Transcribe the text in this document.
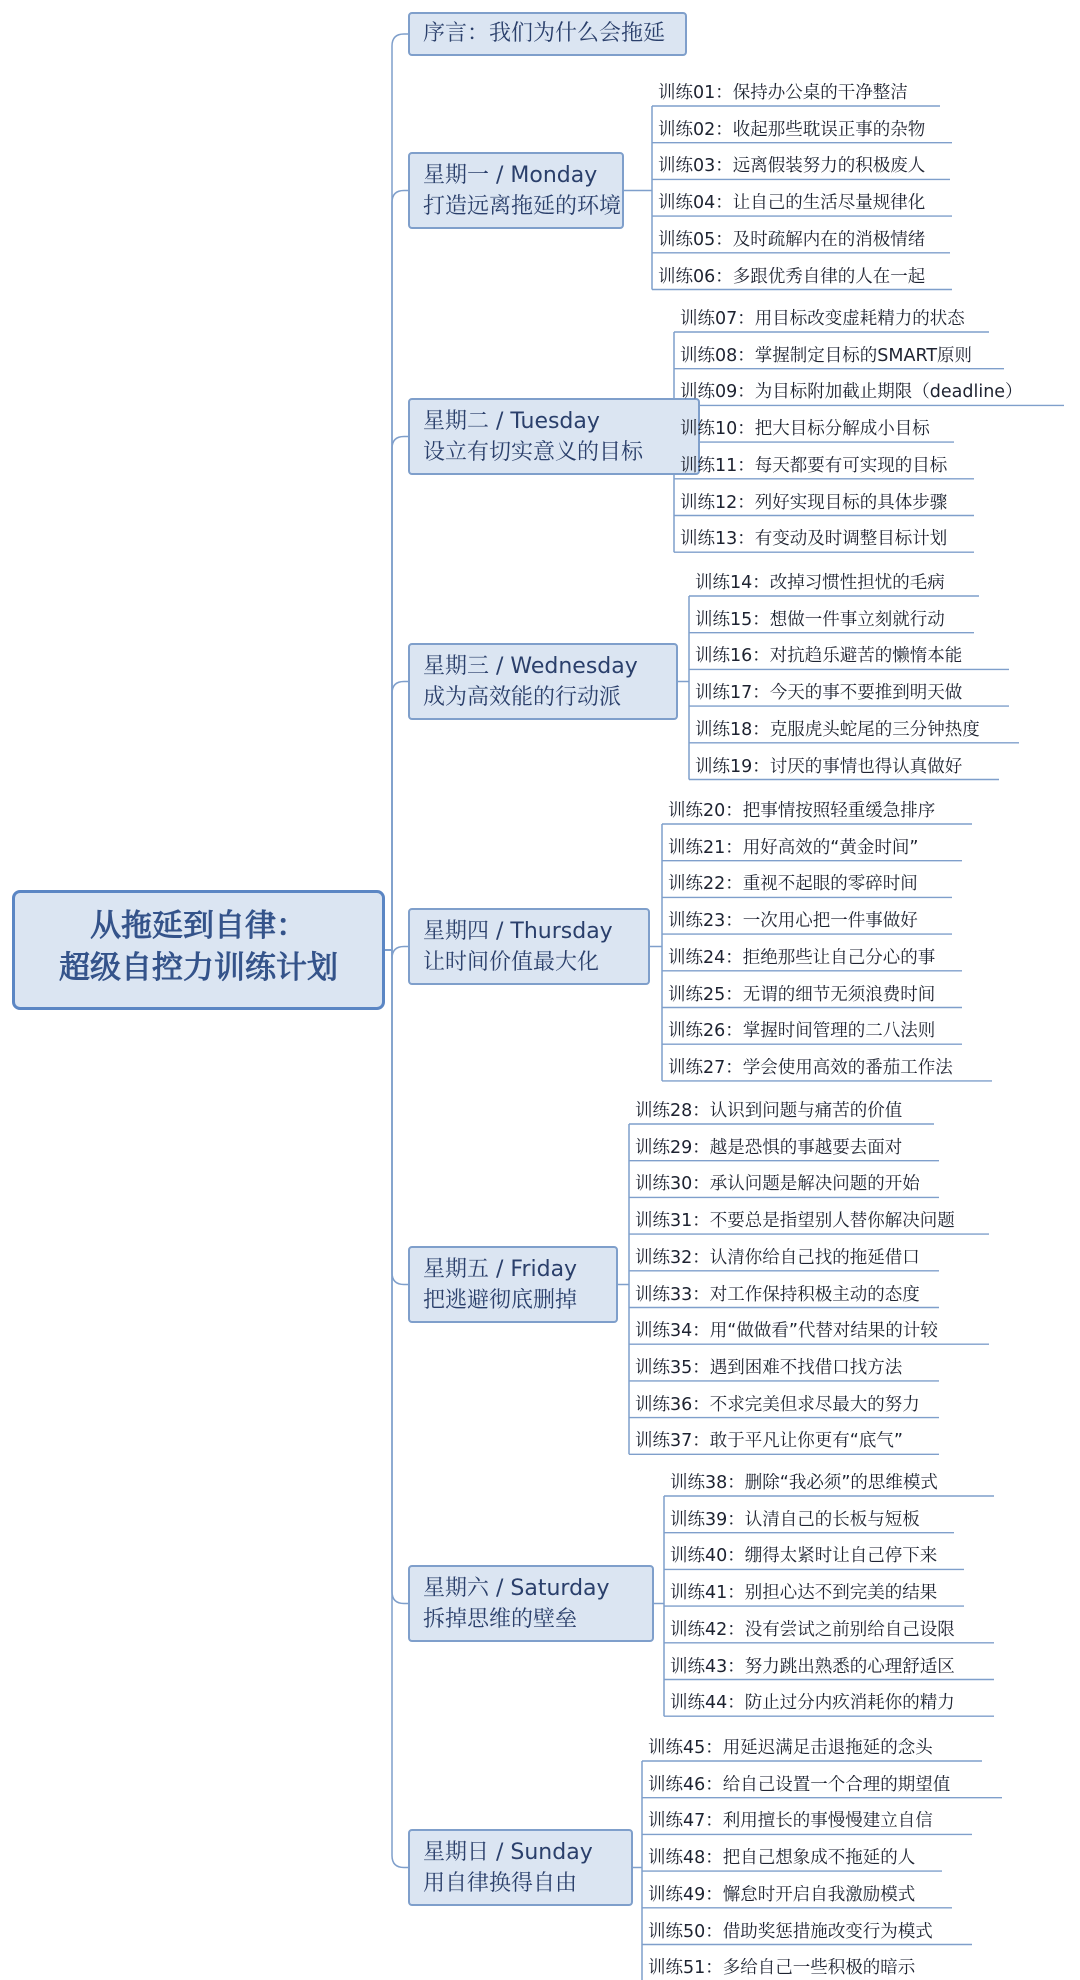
从拖延到自律：
超级自控力训练计划
序言：我们为什么会拖延
星期一 / Monday
打造远离拖延的环境
训练01：保持办公桌的干净整洁
训练02：收起那些耽误正事的杂物
训练03：远离假装努力的积极废人
训练04：让自己的生活尽量规律化
训练05：及时疏解内在的消极情绪
训练06：多跟优秀自律的人在一起
星期二 / Tuesday
设立有切实意义的目标
训练07：用目标改变虚耗精力的状态
训练08：掌握制定目标的SMART原则
训练09：为目标附加截止期限（deadline）
训练10：把大目标分解成小目标
训练11：每天都要有可实现的目标
训练12：列好实现目标的具体步骤
训练13：有变动及时调整目标计划
星期三 / Wednesday
成为高效能的行动派
训练14：改掉习惯性担忧的毛病
训练15：想做一件事立刻就行动
训练16：对抗趋乐避苦的懒惰本能
训练17：今天的事不要推到明天做
训练18：克服虎头蛇尾的三分钟热度
训练19：讨厌的事情也得认真做好
星期四 / Thursday
让时间价值最大化
训练20：把事情按照轻重缓急排序
训练21：用好高效的“黄金时间”
训练22：重视不起眼的零碎时间
训练23：一次用心把一件事做好
训练24：拒绝那些让自己分心的事
训练25：无谓的细节无须浪费时间
训练26：掌握时间管理的二八法则
训练27：学会使用高效的番茄工作法
星期五 / Friday
把逃避彻底删掉
训练28：认识到问题与痛苦的价值
训练29：越是恐惧的事越要去面对
训练30：承认问题是解决问题的开始
训练31：不要总是指望别人替你解决问题
训练32：认清你给自己找的拖延借口
训练33：对工作保持积极主动的态度
训练34：用“做做看”代替对结果的计较
训练35：遇到困难不找借口找方法
训练36：不求完美但求尽最大的努力
训练37：敢于平凡让你更有“底气”
星期六 / Saturday
拆掉思维的壁垒
训练38：删除“我必须”的思维模式
训练39：认清自己的长板与短板
训练40：绷得太紧时让自己停下来
训练41：别担心达不到完美的结果
训练42：没有尝试之前别给自己设限
训练43：努力跳出熟悉的心理舒适区
训练44：防止过分内疚消耗你的精力
星期日 / Sunday
用自律换得自由
训练45：用延迟满足击退拖延的念头
训练46：给自己设置一个合理的期望值
训练47：利用擅长的事慢慢建立自信
训练48：把自己想象成不拖延的人
训练49：懈怠时开启自我激励模式
训练50：借助奖惩措施改变行为模式
训练51：多给自己一些积极的暗示
